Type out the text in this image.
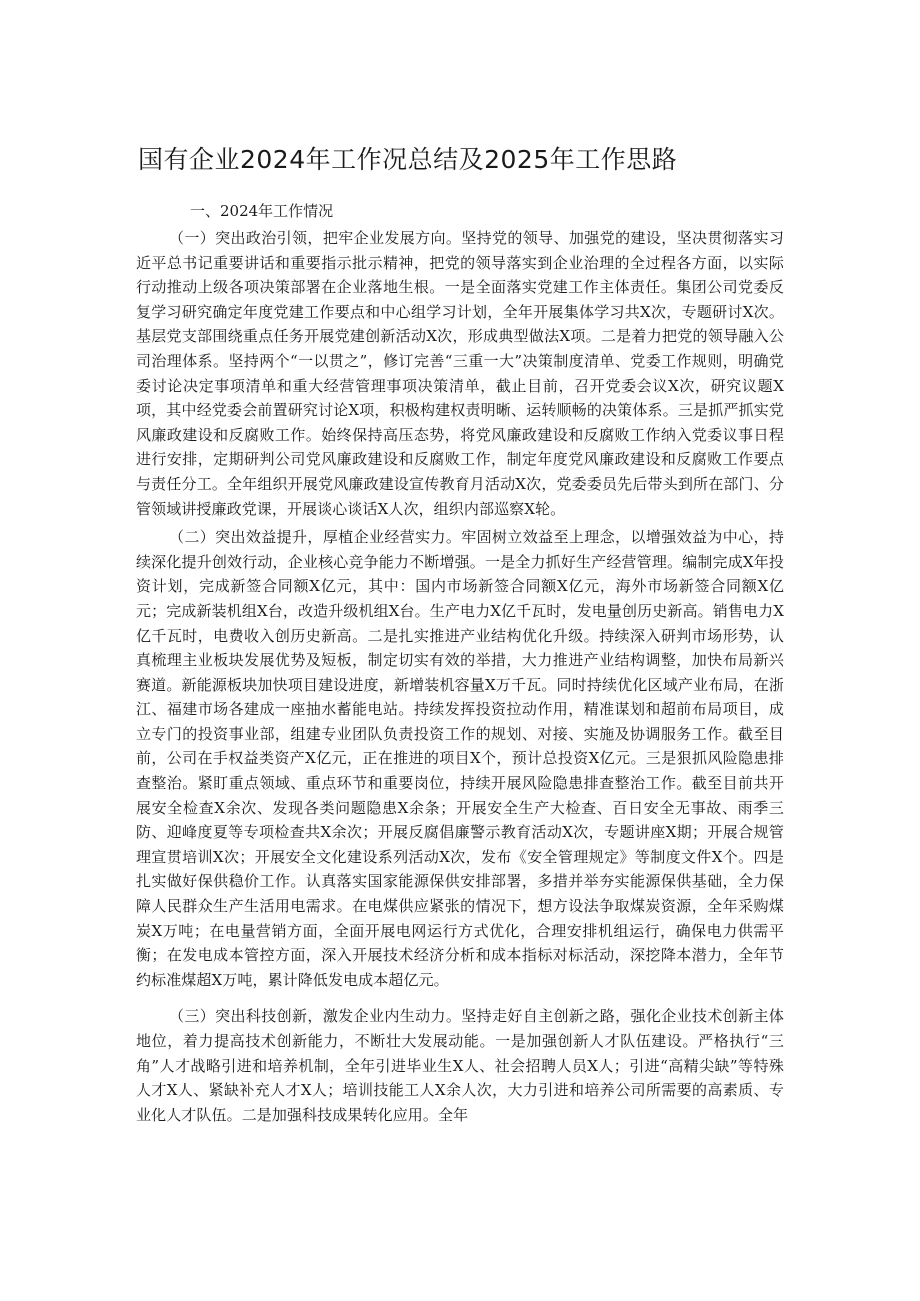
国有企业2024年工作况总结及2025年工作思路
一、2024年工作情况

（一）突出政治引领，把牢企业发展方向。坚持党的领导、加强党的建设，坚决贯彻落实习近平总书记重要讲话和重要指示批示精神，把党的领导落实到企业治理的全过程各方面，以实际行动推动上级各项决策部署在企业落地生根。一是全面落实党建工作主体责任。集团公司党委反复学习研究确定年度党建工作要点和中心组学习计划，全年开展集体学习共X次，专题研讨X次。基层党支部围绕重点任务开展党建创新活动X次，形成典型做法X项。二是着力把党的领导融入公司治理体系。坚持两个“一以贯之”，修订完善“三重一大”决策制度清单、党委工作规则，明确党委讨论决定事项清单和重大经营管理事项决策清单，截止目前，召开党委会议X次，研究议题X项，其中经党委会前置研究讨论X项，积极构建权责明晰、运转顺畅的决策体系。三是抓严抓实党风廉政建设和反腐败工作。始终保持高压态势，将党风廉政建设和反腐败工作纳入党委议事日程进行安排，定期研判公司党风廉政建设和反腐败工作，制定年度党风廉政建设和反腐败工作要点与责任分工。全年组织开展党风廉政建设宣传教育月活动X次，党委委员先后带头到所在部门、分管领域讲授廉政党课，开展谈心谈话X人次，组织内部巡察X轮。

（二）突出效益提升，厚植企业经营实力。牢固树立效益至上理念，以增强效益为中心，持续深化提升创效行动，企业核心竞争能力不断增强。一是全力抓好生产经营管理。编制完成X年投资计划，完成新签合同额X亿元，其中：国内市场新签合同额X亿元，海外市场新签合同额X亿元；完成新装机组X台，改造升级机组X台。生产电力X亿千瓦时，发电量创历史新高。销售电力X亿千瓦时，电费收入创历史新高。二是扎实推进产业结构优化升级。持续深入研判市场形势，认真梳理主业板块发展优势及短板，制定切实有效的举措，大力推进产业结构调整，加快布局新兴赛道。新能源板块加快项目建设进度，新增装机容量X万千瓦。同时持续优化区域产业布局，在浙江、福建市场各建成一座抽水蓄能电站。持续发挥投资拉动作用，精准谋划和超前布局项目，成立专门的投资事业部，组建专业团队负责投资工作的规划、对接、实施及协调服务工作。截至目前，公司在手权益类资产X亿元，正在推进的项目X个，预计总投资X亿元。三是狠抓风险隐患排查整治。紧盯重点领域、重点环节和重要岗位，持续开展风险隐患排查整治工作。截至目前共开展安全检查X余次、发现各类问题隐患X余条；开展安全生产大检查、百日安全无事故、雨季三防、迎峰度夏等专项检查共X余次；开展反腐倡廉警示教育活动X次，专题讲座X期；开展合规管理宣贯培训X次；开展安全文化建设系列活动X次，发布《安全管理规定》等制度文件X个。四是扎实做好保供稳价工作。认真落实国家能源保供安排部署，多措并举夯实能源保供基础，全力保障人民群众生产生活用电需求。在电煤供应紧张的情况下，想方设法争取煤炭资源，全年采购煤炭X万吨；在电量营销方面，全面开展电网运行方式优化，合理安排机组运行，确保电力供需平衡；在发电成本管控方面，深入开展技术经济分析和成本指标对标活动，深挖降本潜力，全年节约标准煤超X万吨，累计降低发电成本超亿元。

（三）突出科技创新，激发企业内生动力。坚持走好自主创新之路，强化企业技术创新主体地位，着力提高技术创新能力，不断壮大发展动能。一是加强创新人才队伍建设。严格执行“三角”人才战略引进和培养机制，全年引进毕业生X人、社会招聘人员X人；引进“高精尖缺”等特殊人才X人、紧缺补充人才X人；培训技能工人X余人次，大力引进和培养公司所需要的高素质、专业化人才队伍。二是加强科技成果转化应用。全年
